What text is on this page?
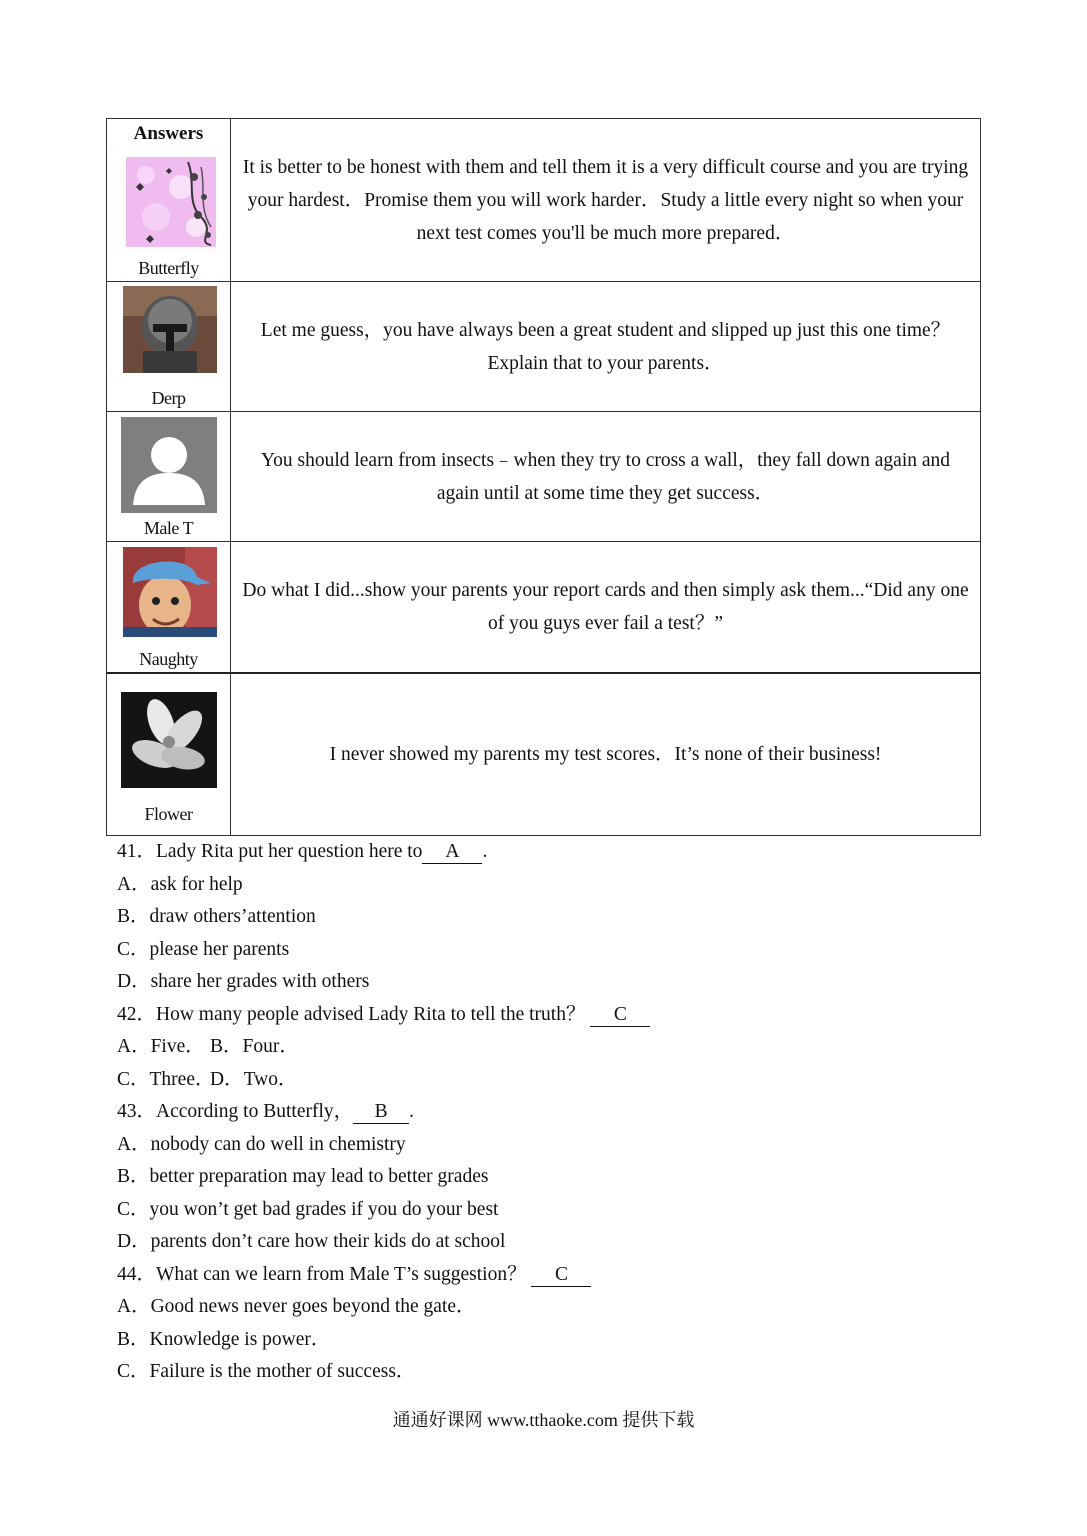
Answers
Butterfly
It is better to be honest with them and tell them it is a very difficult course and you are trying your hardest．Promise them you will work harder．Study a little every night so when your next test comes you'll be much more prepared．
Derp
Let me guess，you have always been a great student and slipped up just this one time？Explain that to your parents．
Male T
You should learn from insects﹣when they try to cross a wall，they fall down again and again until at some time they get success．
Naughty
Do what I did...show your parents your report cards and then simply ask them...“Did any one of you guys ever fail a test？”
Flower
I never showed my parents my test scores．It’s none of their business!
41．Lady Rita put her question here to A .
A．ask for help
B．draw others’attention
C．please her parents
D．share her grades with others
42．How many people advised Lady Rita to tell the truth？ C
A．Five． B．Four．
C．Three．D．Two．
43．According to Butterfly， B .
A．nobody can do well in chemistry
B．better preparation may lead to better grades
C．you won’t get bad grades if you do your best
D．parents don’t care how their kids do at school
44．What can we learn from Male T’s suggestion？ C
A．Good news never goes beyond the gate．
B．Knowledge is power．
C．Failure is the mother of success．
通通好课网 www.tthaoke.com 提供下载
